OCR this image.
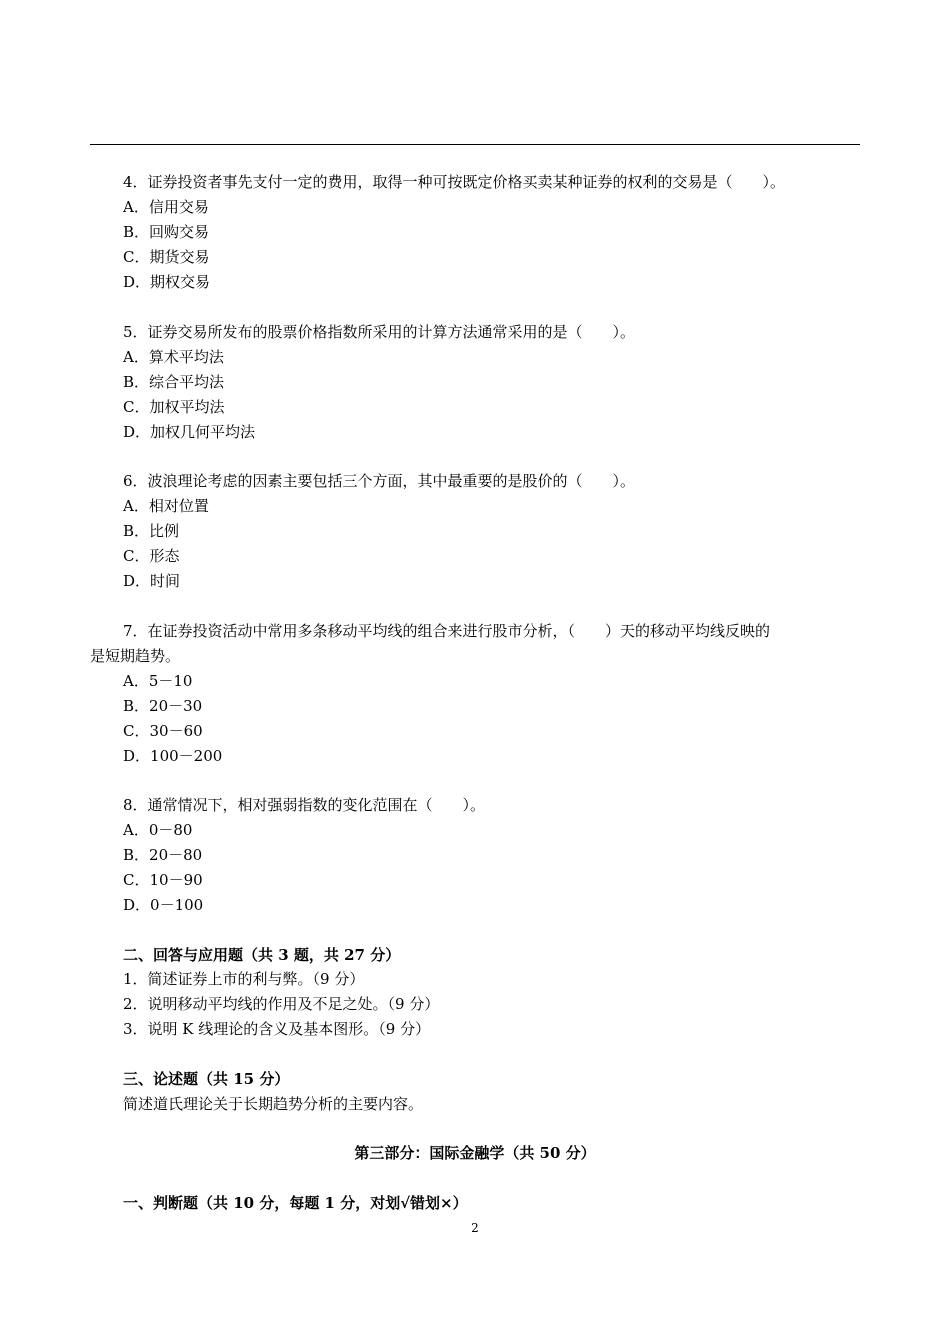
4．证券投资者事先支付一定的费用，取得一种可按既定价格买卖某种证券的权利的交易是（　　）。
A．信用交易
B．回购交易
C．期货交易
D．期权交易
5．证券交易所发布的股票价格指数所采用的计算方法通常采用的是（　　）。
A．算术平均法
B．综合平均法
C．加权平均法
D．加权几何平均法
6．波浪理论考虑的因素主要包括三个方面，其中最重要的是股价的（　　）。
A．相对位置
B．比例
C．形态
D．时间
7．在证券投资活动中常用多条移动平均线的组合来进行股市分析，（　　）天的移动平均线反映的
是短期趋势。
A．5－10
B．20－30
C．30－60
D．100－200
8．通常情况下，相对强弱指数的变化范围在（　　）。
A．0－80
B．20－80
C．10－90
D．0－100
二、回答与应用题（共 3 题，共 27 分）
1．简述证券上市的利与弊。（9 分）
2．说明移动平均线的作用及不足之处。（9 分）
3．说明 K 线理论的含义及基本图形。（9 分）
三、论述题（共 15 分）
简述道氏理论关于长期趋势分析的主要内容。
第三部分：国际金融学（共 50 分）
一、判断题（共 10 分，每题 1 分，对划√错划×）
2
